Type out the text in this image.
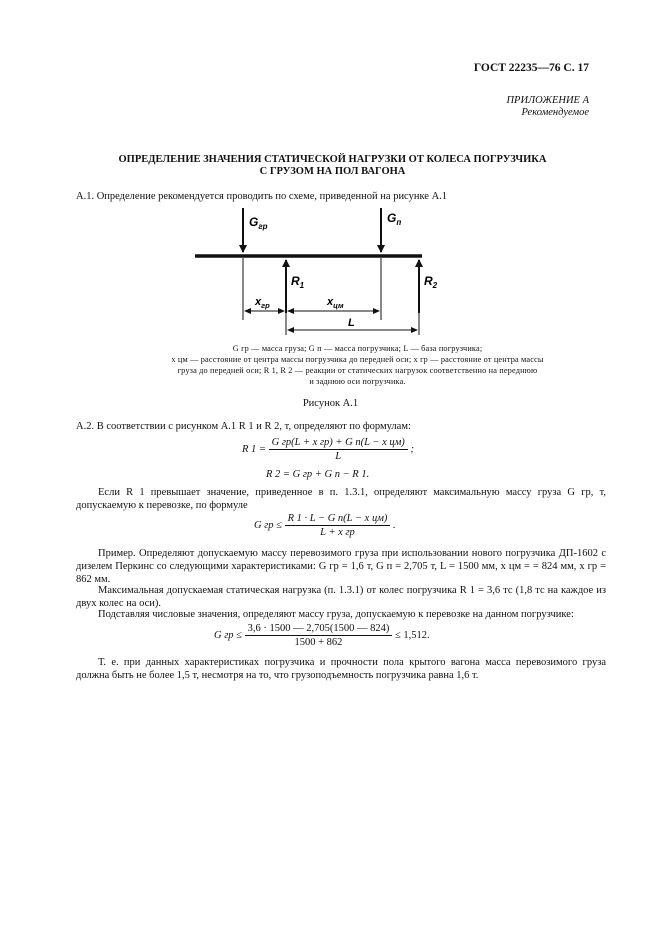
ГОСТ 22235—76 С. 17
ПРИЛОЖЕНИЕ А
Рекомендуемое
ОПРЕДЕЛЕНИЕ ЗНАЧЕНИЯ СТАТИЧЕСКОЙ НАГРУЗКИ ОТ КОЛЕСА ПОГРУЗЧИКА
С ГРУЗОМ НА ПОЛ ВАГОНА
А.1. Определение рекомендуется проводить по схеме, приведенной на рисунке А.1
$G_{гр}$
$G_п$
$R_1$	$R_2$
$x_{гр}$	$x_{цм}$
L
G гр — масса груза; G п — масса погрузчика; L — база погрузчика;
x цм — расстояние от центра массы погрузчика до передней оси; x гр — расстояние от центра массы
груза до передней оси; R 1, R 2 — реакции от статических нагрузок соответственно на переднюю
и заднюю оси погрузчика.
Рисунок А.1
А.2. В соответствии с рисунком А.1 R 1 и R 2, т, определяют по формулам:
R $1 = \frac{\text{G гр(L + x гр) + G п(L − x цм)}}{L}$ ;
R 2 = G гр + G п − R 1.
Если R 1 превышает значение, приведенное в п. 1.3.1, определяют максимальную массу груза G гр, т, допускаемую к перевозке, по формуле
G гр ≤ $\frac{\text{R 1 · L − G п(L − x цм)}}{\text{L + x гр}}$ .
Пример. Определяют допускаемую массу перевозимого груза при использовании нового погрузчика ДП-1602 с дизелем Перкинс со следующими характеристиками: G гр = 1,6 т, G п = 2,705 т, L = 1500 мм, x цм = = 824 мм, x гр = 862 мм.
Максимальная допускаемая статическая нагрузка (п. 1.3.1) от колес погрузчика R 1 = 3,6 тс (1,8 тс на каждое из двух колес на оси).
Подставляя числовые значения, определяют массу груза, допускаемую к перевозке на данном погрузчике:
G гр ≤ $\frac{3,6 \cdot 1500 — 2,705(1500 — 824)}{1500 + 862} \le 1,512$.
Т. е. при данных характеристиках погрузчика и прочности пола крытого вагона масса перевозимого груза должна быть не более 1,5 т, несмотря на то, что грузоподъемность погрузчика равна 1,6 т.
